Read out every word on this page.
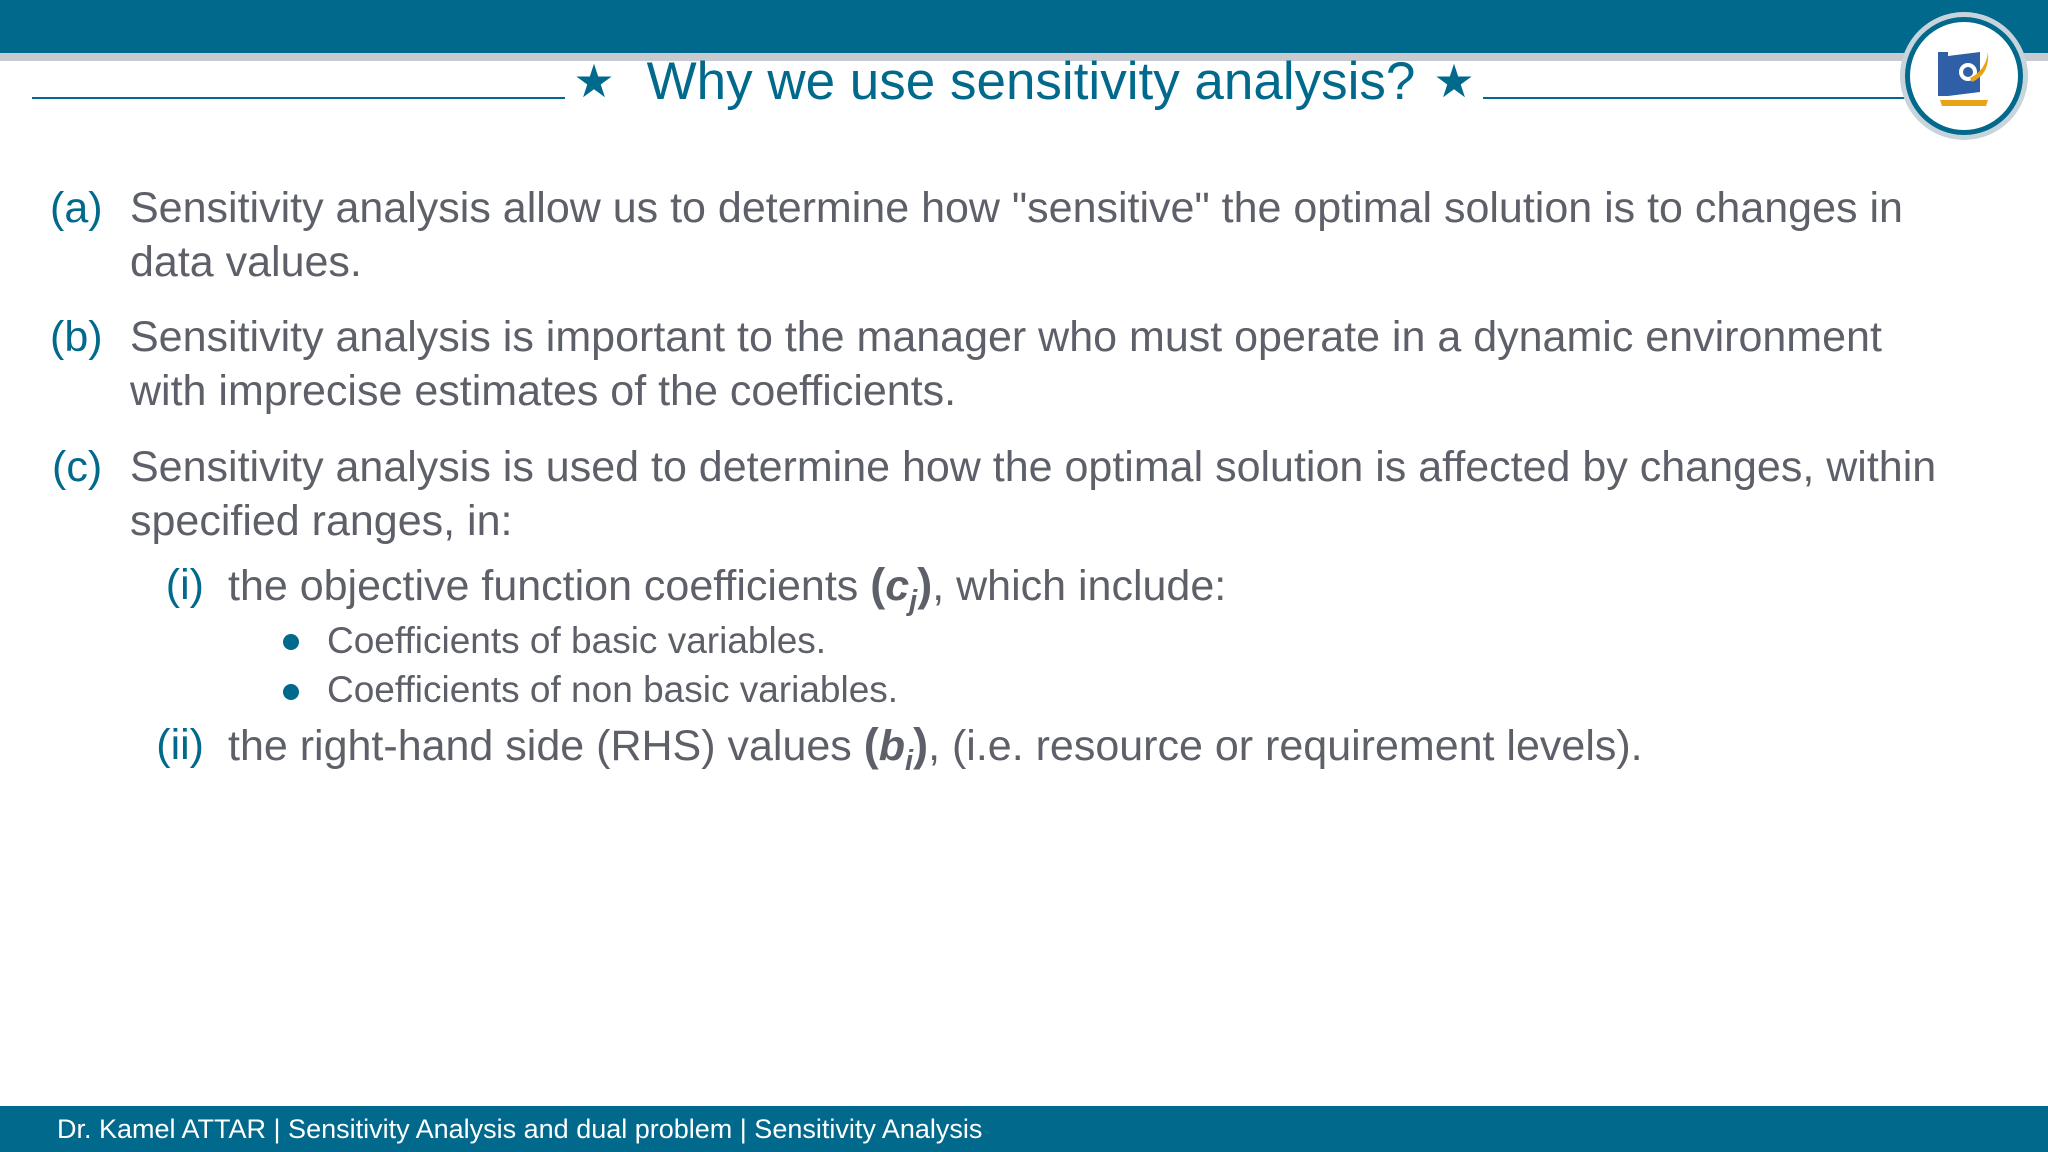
★ Why we use sensitivity analysis? ★
(a) Sensitivity analysis allow us to determine how "sensitive" the optimal solution is to changes in
data values.
(b) Sensitivity analysis is important to the manager who must operate in a dynamic environment
with imprecise estimates of the coefficients.
(c) Sensitivity analysis is used to determine how the optimal solution is affected by changes, within
specified ranges, in:
(i) the objective function coefficients $(c_j)$, which include:
Coefficients of basic variables.
Coefficients of non basic variables.
(ii) the right-hand side (RHS) values $(b_i)$, (i.e. resource or requirement levels).
Dr. Kamel ATTAR | Sensitivity Analysis and dual problem | Sensitivity Analysis
